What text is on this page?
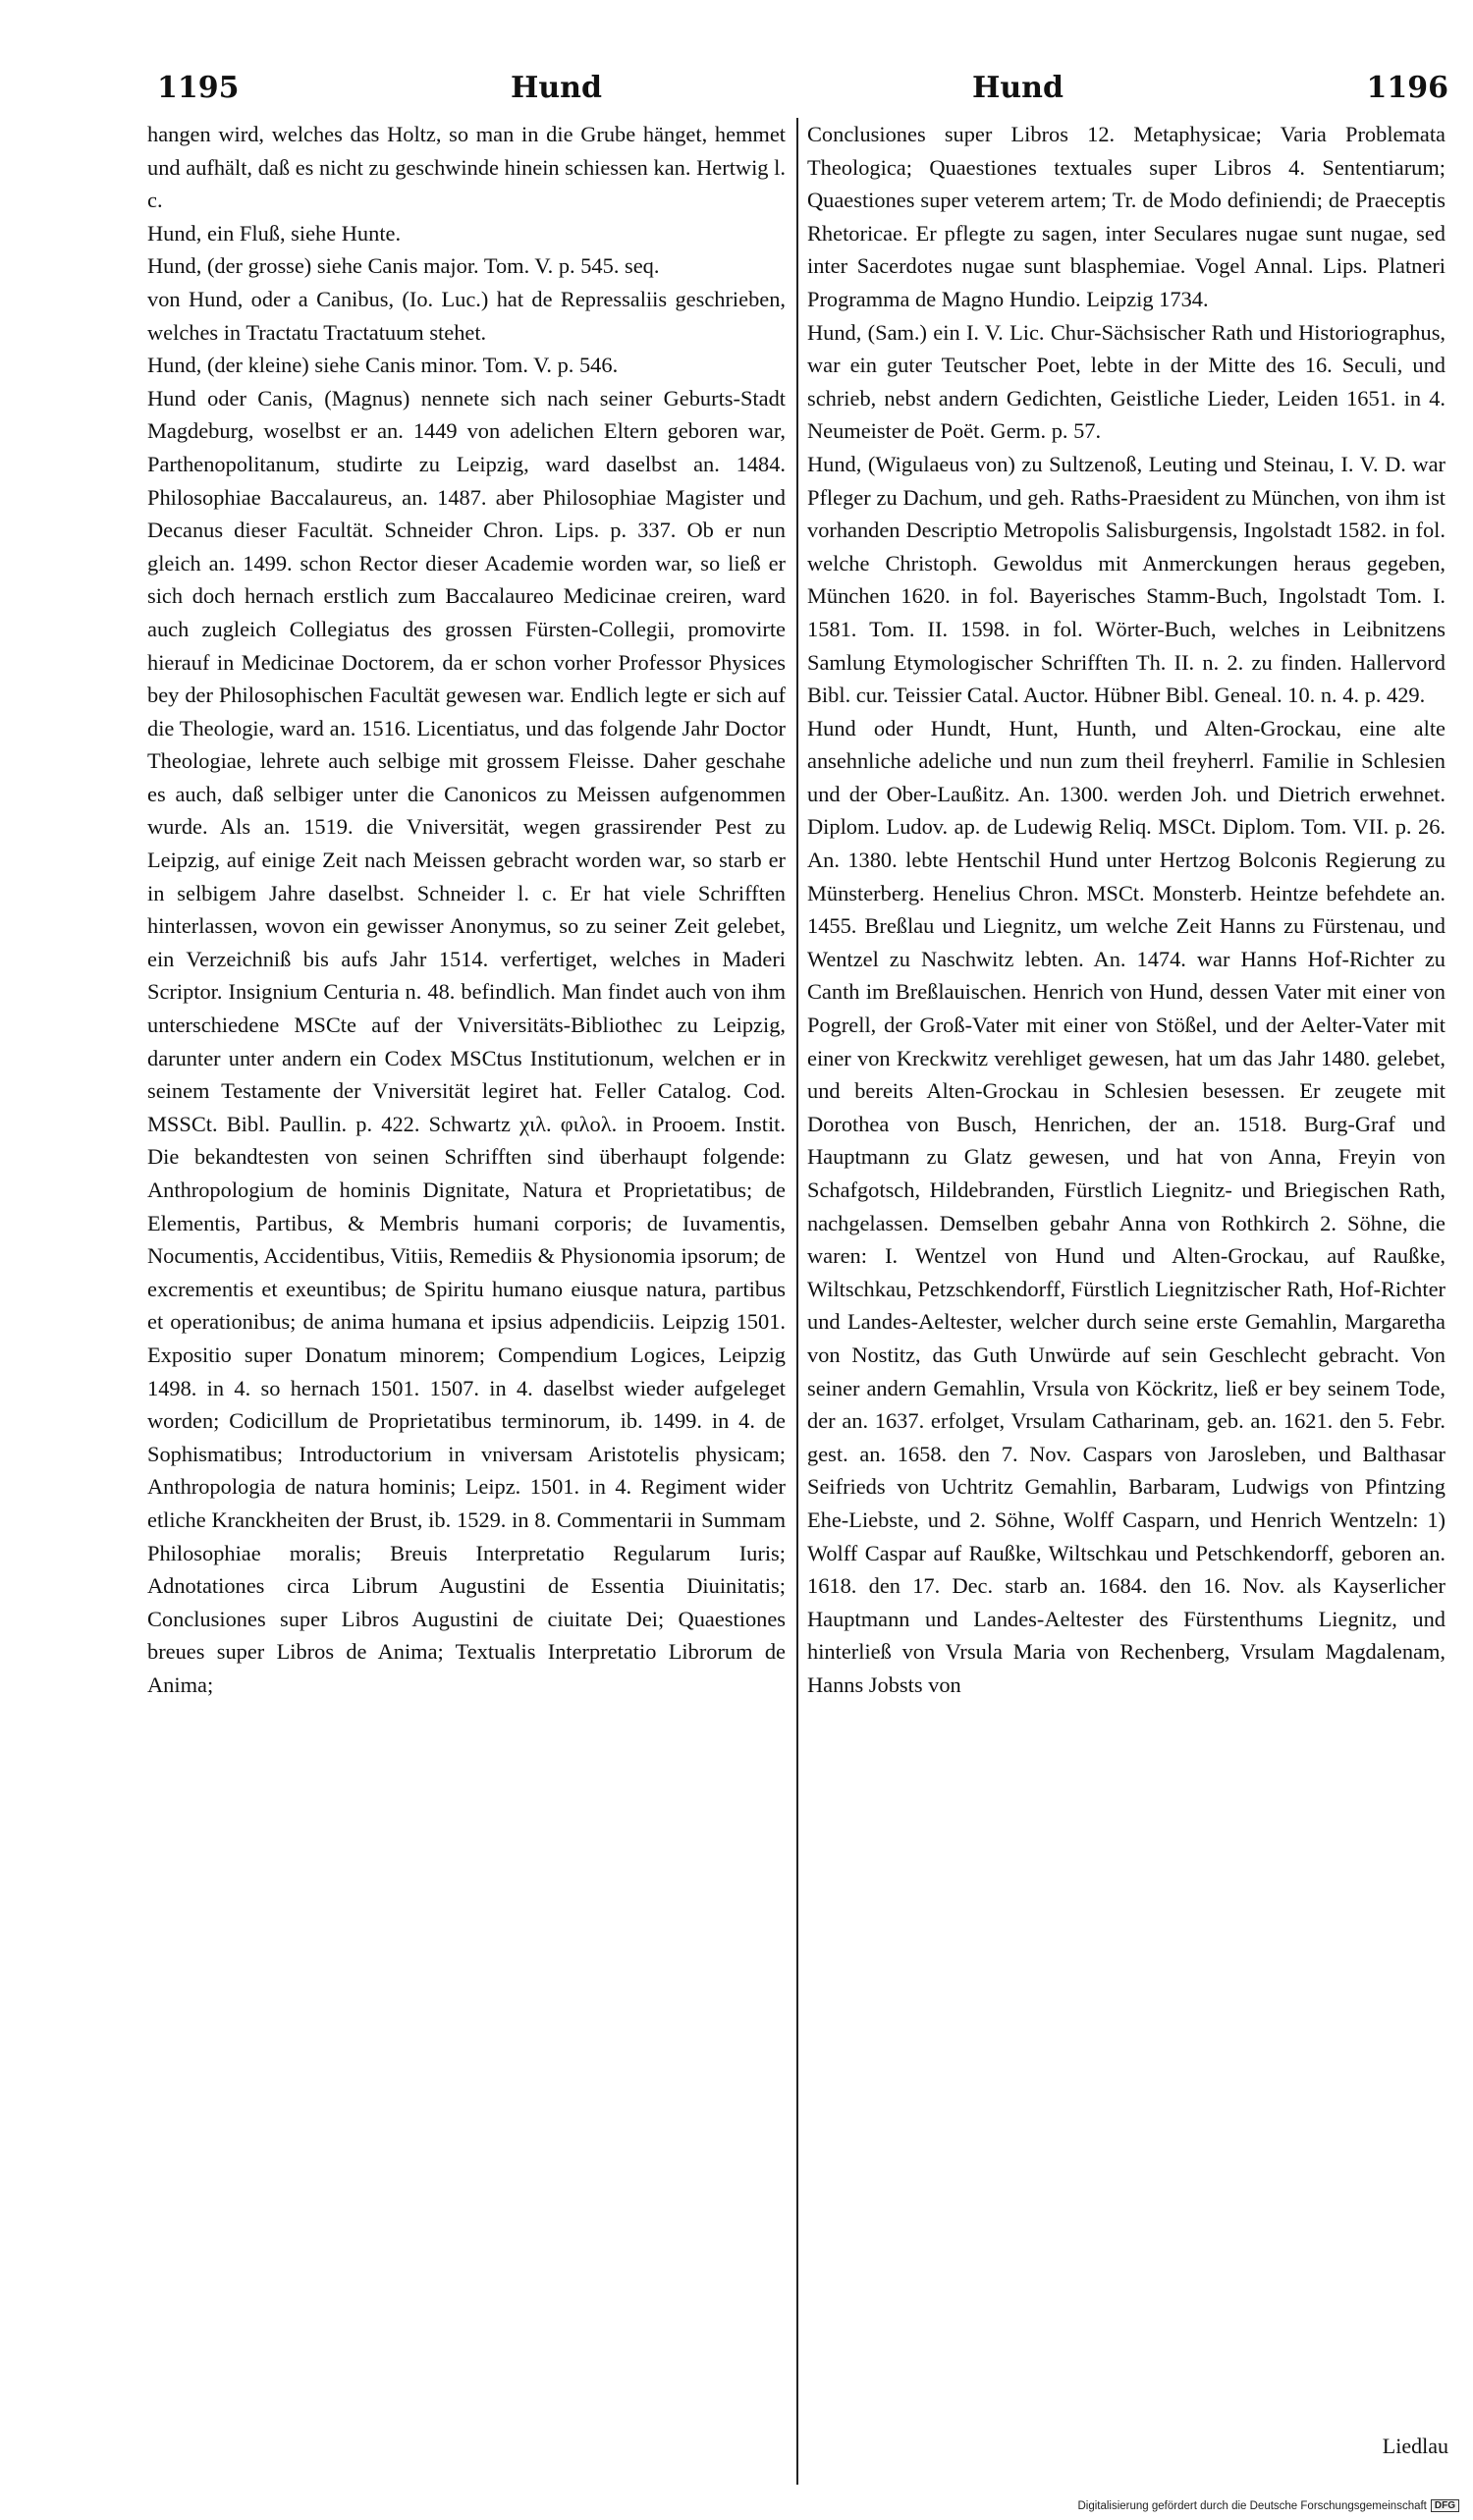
1195	Hund	Hund	1196

hangen wird, welches das Holtz, so man in die Grube hänget, hemmet und aufhält, daß es nicht zu geschwinde hinein schiessen kan. Hertwig l. c.

Hund, ein Fluß, siehe Hunte.

Hund, (der grosse) siehe Canis major. Tom. V. p. 545. seq.

von Hund, oder a Canibus, (Io. Luc.) hat de Repressaliis geschrieben, welches in Tractatu Tractatuum stehet.

Hund, (der kleine) siehe Canis minor. Tom. V. p. 546.

Hund oder Canis, (Magnus) nennete sich nach seiner Geburts-Stadt Magdeburg, woselbst er an. 1449 von adelichen Eltern geboren war, Parthenopolitanum, studirte zu Leipzig, ward daselbst an. 1484. Philosophiae Baccalaureus, an. 1487. aber Philosophiae Magister und Decanus dieser Facultät. Schneider Chron. Lips. p. 337. Ob er nun gleich an. 1499. schon Rector dieser Academie worden war, so ließ er sich doch hernach erstlich zum Baccalaureo Medicinae creiren, ward auch zugleich Collegiatus des grossen Fürsten-Collegii, promovirte hierauf in Medicinae Doctorem, da er schon vorher Professor Physices bey der Philosophischen Facultät gewesen war. Endlich legte er sich auf die Theologie, ward an. 1516. Licentiatus, und das folgende Jahr Doctor Theologiae, lehrete auch selbige mit grossem Fleisse. Daher geschahe es auch, daß selbiger unter die Canonicos zu Meissen aufgenommen wurde. Als an. 1519. die Vniversität, wegen grassirender Pest zu Leipzig, auf einige Zeit nach Meissen gebracht worden war, so starb er in selbigem Jahre daselbst. Schneider l. c. Er hat viele Schrifften hinterlassen, wovon ein gewisser Anonymus, so zu seiner Zeit gelebet, ein Verzeichniß bis aufs Jahr 1514. verfertiget, welches in Maderi Scriptor. Insignium Centuria n. 48. befindlich. Man findet auch von ihm unterschiedene MSCte auf der Vniversitäts-Bibliothec zu Leipzig, darunter unter andern ein Codex MSCtus Institutionum, welchen er in seinem Testamente der Vniversität legiret hat. Feller Catalog. Cod. MSSCt. Bibl. Paullin. p. 422. Schwartz χιλ. φιλολ. in Prooem. Instit. Die bekandtesten von seinen Schrifften sind überhaupt folgende: Anthropologium de hominis Dignitate, Natura et Proprietatibus; de Elementis, Partibus, & Membris humani corporis; de Iuvamentis, Nocumentis, Accidentibus, Vitiis, Remediis & Physionomia ipsorum; de excrementis et exeuntibus; de Spiritu humano eiusque natura, partibus et operationibus; de anima humana et ipsius adpendiciis. Leipzig 1501. Expositio super Donatum minorem; Compendium Logices, Leipzig 1498. in 4. so hernach 1501. 1507. in 4. daselbst wieder aufgeleget worden; Codicillum de Proprietatibus terminorum, ib. 1499. in 4. de Sophismatibus; Introductorium in vniversam Aristotelis physicam; Anthropologia de natura hominis; Leipz. 1501. in 4. Regiment wider etliche Kranckheiten der Brust, ib. 1529. in 8. Commentarii in Summam Philosophiae moralis; Breuis Interpretatio Regularum Iuris; Adnotationes circa Librum Augustini de Essentia Diuinitatis; Conclusiones super Libros Augustini de ciuitate Dei; Quaestiones breues super Libros de Anima; Textualis Interpretatio Librorum de Anima;

Conclusiones super Libros 12. Metaphysicae; Varia Problemata Theologica; Quaestiones textuales super Libros 4. Sententiarum; Quaestiones super veterem artem; Tr. de Modo definiendi; de Praeceptis Rhetoricae. Er pflegte zu sagen, inter Seculares nugae sunt nugae, sed inter Sacerdotes nugae sunt blasphemiae. Vogel Annal. Lips. Platneri Programma de Magno Hundio. Leipzig 1734.

Hund, (Sam.) ein I. V. Lic. Chur-Sächsischer Rath und Historiographus, war ein guter Teutscher Poet, lebte in der Mitte des 16. Seculi, und schrieb, nebst andern Gedichten, Geistliche Lieder, Leiden 1651. in 4. Neumeister de Poët. Germ. p. 57.

Hund, (Wigulaeus von) zu Sultzenoß, Leuting und Steinau, I. V. D. war Pfleger zu Dachum, und geh. Raths-Praesident zu München, von ihm ist vorhanden Descriptio Metropolis Salisburgensis, Ingolstadt 1582. in fol. welche Christoph. Gewoldus mit Anmerckungen heraus gegeben, München 1620. in fol. Bayerisches Stamm-Buch, Ingolstadt Tom. I. 1581. Tom. II. 1598. in fol. Wörter-Buch, welches in Leibnitzens Samlung Etymologischer Schrifften Th. II. n. 2. zu finden. Hallervord Bibl. cur. Teissier Catal. Auctor. Hübner Bibl. Geneal. 10. n. 4. p. 429.

Hund oder Hundt, Hunt, Hunth, und Alten-Grockau, eine alte ansehnliche adeliche und nun zum theil freyherrl. Familie in Schlesien und der Ober-Laußitz. An. 1300. werden Joh. und Dietrich erwehnet. Diplom. Ludov. ap. de Ludewig Reliq. MSCt. Diplom. Tom. VII. p. 26. An. 1380. lebte Hentschil Hund unter Hertzog Bolconis Regierung zu Münsterberg. Henelius Chron. MSCt. Monsterb. Heintze befehdete an. 1455. Breßlau und Liegnitz, um welche Zeit Hanns zu Fürstenau, und Wentzel zu Naschwitz lebten. An. 1474. war Hanns Hof-Richter zu Canth im Breßlauischen. Henrich von Hund, dessen Vater mit einer von Pogrell, der Groß-Vater mit einer von Stößel, und der Aelter-Vater mit einer von Kreckwitz verehliget gewesen, hat um das Jahr 1480. gelebet, und bereits Alten-Grockau in Schlesien besessen. Er zeugete mit Dorothea von Busch, Henrichen, der an. 1518. Burg-Graf und Hauptmann zu Glatz gewesen, und hat von Anna, Freyin von Schafgotsch, Hildebranden, Fürstlich Liegnitz- und Briegischen Rath, nachgelassen. Demselben gebahr Anna von Rothkirch 2. Söhne, die waren: I. Wentzel von Hund und Alten-Grockau, auf Raußke, Wiltschkau, Petzschkendorff, Fürstlich Liegnitzischer Rath, Hof-Richter und Landes-Aeltester, welcher durch seine erste Gemahlin, Margaretha von Nostitz, das Guth Unwürde auf sein Geschlecht gebracht. Von seiner andern Gemahlin, Vrsula von Köckritz, ließ er bey seinem Tode, der an. 1637. erfolget, Vrsulam Catharinam, geb. an. 1621. den 5. Febr. gest. an. 1658. den 7. Nov. Caspars von Jarosleben, und Balthasar Seifrieds von Uchtritz Gemahlin, Barbaram, Ludwigs von Pfintzing Ehe-Liebste, und 2. Söhne, Wolff Casparn, und Henrich Wentzeln: 1) Wolff Caspar auf Raußke, Wiltschkau und Petschkendorff, geboren an. 1618. den 17. Dec. starb an. 1684. den 16. Nov. als Kayserlicher Hauptmann und Landes-Aeltester des Fürstenthums Liegnitz, und hinterließ von Vrsula Maria von Rechenberg, Vrsulam Magdalenam, Hanns Jobsts von

Liedlau
Digitalisierung gefördert durch die Deutsche Forschungsgemeinschaft DFG
